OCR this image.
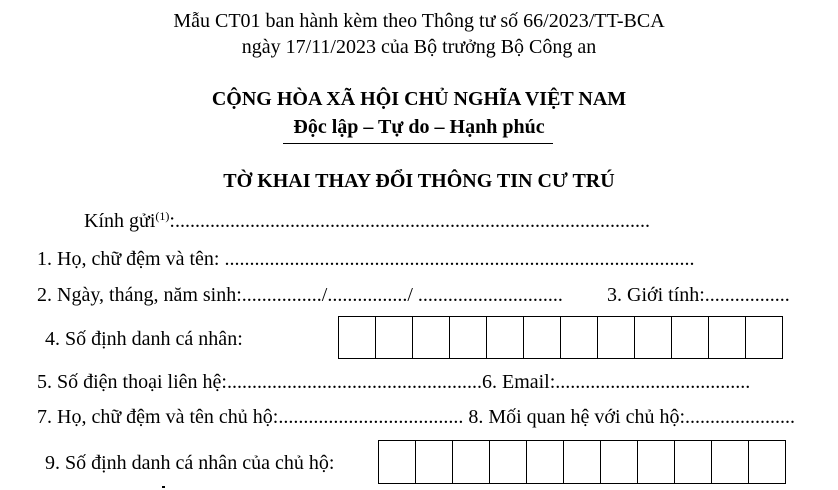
Mẫu CT01 ban hành kèm theo Thông tư số 66/2023/TT-BCA
ngày 17/11/2023 của Bộ trưởng Bộ Công an
CỘNG HÒA XÃ HỘI CHỦ NGHĨA VIỆT NAM
Độc lập – Tự do – Hạnh phúc
TỜ KHAI THAY ĐỔI THÔNG TIN CƯ TRÚ
Kính gửi$^{(1)}$:...............................................................................................
1. Họ, chữ đệm và tên: ..............................................................................................
2. Ngày, tháng, năm sinh:................/................/ ............................. 3. Giới tính:.................
4. Số định danh cá nhân:
5. Số điện thoại liên hệ:...................................................6. Email:.......................................
7. Họ, chữ đệm và tên chủ hộ:..................................... 8. Mối quan hệ với chủ hộ:......................
9. Số định danh cá nhân của chủ hộ:
